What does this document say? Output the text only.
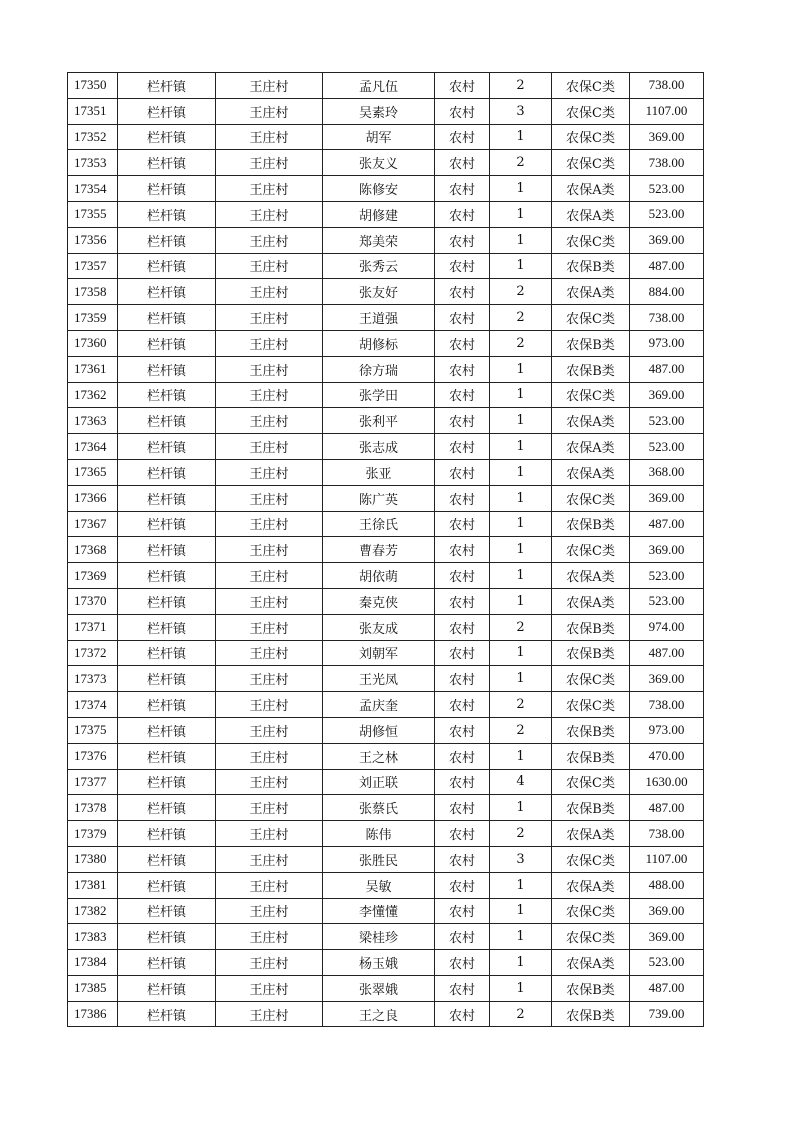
17350	栏杆镇	王庄村	孟凡伍	农村	2	农保C类	738.00
17351	栏杆镇	王庄村	吴素玲	农村	3	农保C类	1107.00
17352	栏杆镇	王庄村	胡军	农村	1	农保C类	369.00
17353	栏杆镇	王庄村	张友义	农村	2	农保C类	738.00
17354	栏杆镇	王庄村	陈修安	农村	1	农保A类	523.00
17355	栏杆镇	王庄村	胡修建	农村	1	农保A类	523.00
17356	栏杆镇	王庄村	郑美荣	农村	1	农保C类	369.00
17357	栏杆镇	王庄村	张秀云	农村	1	农保B类	487.00
17358	栏杆镇	王庄村	张友好	农村	2	农保A类	884.00
17359	栏杆镇	王庄村	王道强	农村	2	农保C类	738.00
17360	栏杆镇	王庄村	胡修标	农村	2	农保B类	973.00
17361	栏杆镇	王庄村	徐方瑞	农村	1	农保B类	487.00
17362	栏杆镇	王庄村	张学田	农村	1	农保C类	369.00
17363	栏杆镇	王庄村	张利平	农村	1	农保A类	523.00
17364	栏杆镇	王庄村	张志成	农村	1	农保A类	523.00
17365	栏杆镇	王庄村	张亚	农村	1	农保A类	368.00
17366	栏杆镇	王庄村	陈广英	农村	1	农保C类	369.00
17367	栏杆镇	王庄村	王徐氏	农村	1	农保B类	487.00
17368	栏杆镇	王庄村	曹春芳	农村	1	农保C类	369.00
17369	栏杆镇	王庄村	胡依萌	农村	1	农保A类	523.00
17370	栏杆镇	王庄村	秦克侠	农村	1	农保A类	523.00
17371	栏杆镇	王庄村	张友成	农村	2	农保B类	974.00
17372	栏杆镇	王庄村	刘朝军	农村	1	农保B类	487.00
17373	栏杆镇	王庄村	王光凤	农村	1	农保C类	369.00
17374	栏杆镇	王庄村	孟庆奎	农村	2	农保C类	738.00
17375	栏杆镇	王庄村	胡修恒	农村	2	农保B类	973.00
17376	栏杆镇	王庄村	王之林	农村	1	农保B类	470.00
17377	栏杆镇	王庄村	刘正联	农村	4	农保C类	1630.00
17378	栏杆镇	王庄村	张蔡氏	农村	1	农保B类	487.00
17379	栏杆镇	王庄村	陈伟	农村	2	农保A类	738.00
17380	栏杆镇	王庄村	张胜民	农村	3	农保C类	1107.00
17381	栏杆镇	王庄村	吴敏	农村	1	农保A类	488.00
17382	栏杆镇	王庄村	李懂懂	农村	1	农保C类	369.00
17383	栏杆镇	王庄村	梁桂珍	农村	1	农保C类	369.00
17384	栏杆镇	王庄村	杨玉娥	农村	1	农保A类	523.00
17385	栏杆镇	王庄村	张翠娥	农村	1	农保B类	487.00
17386	栏杆镇	王庄村	王之良	农村	2	农保B类	739.00
